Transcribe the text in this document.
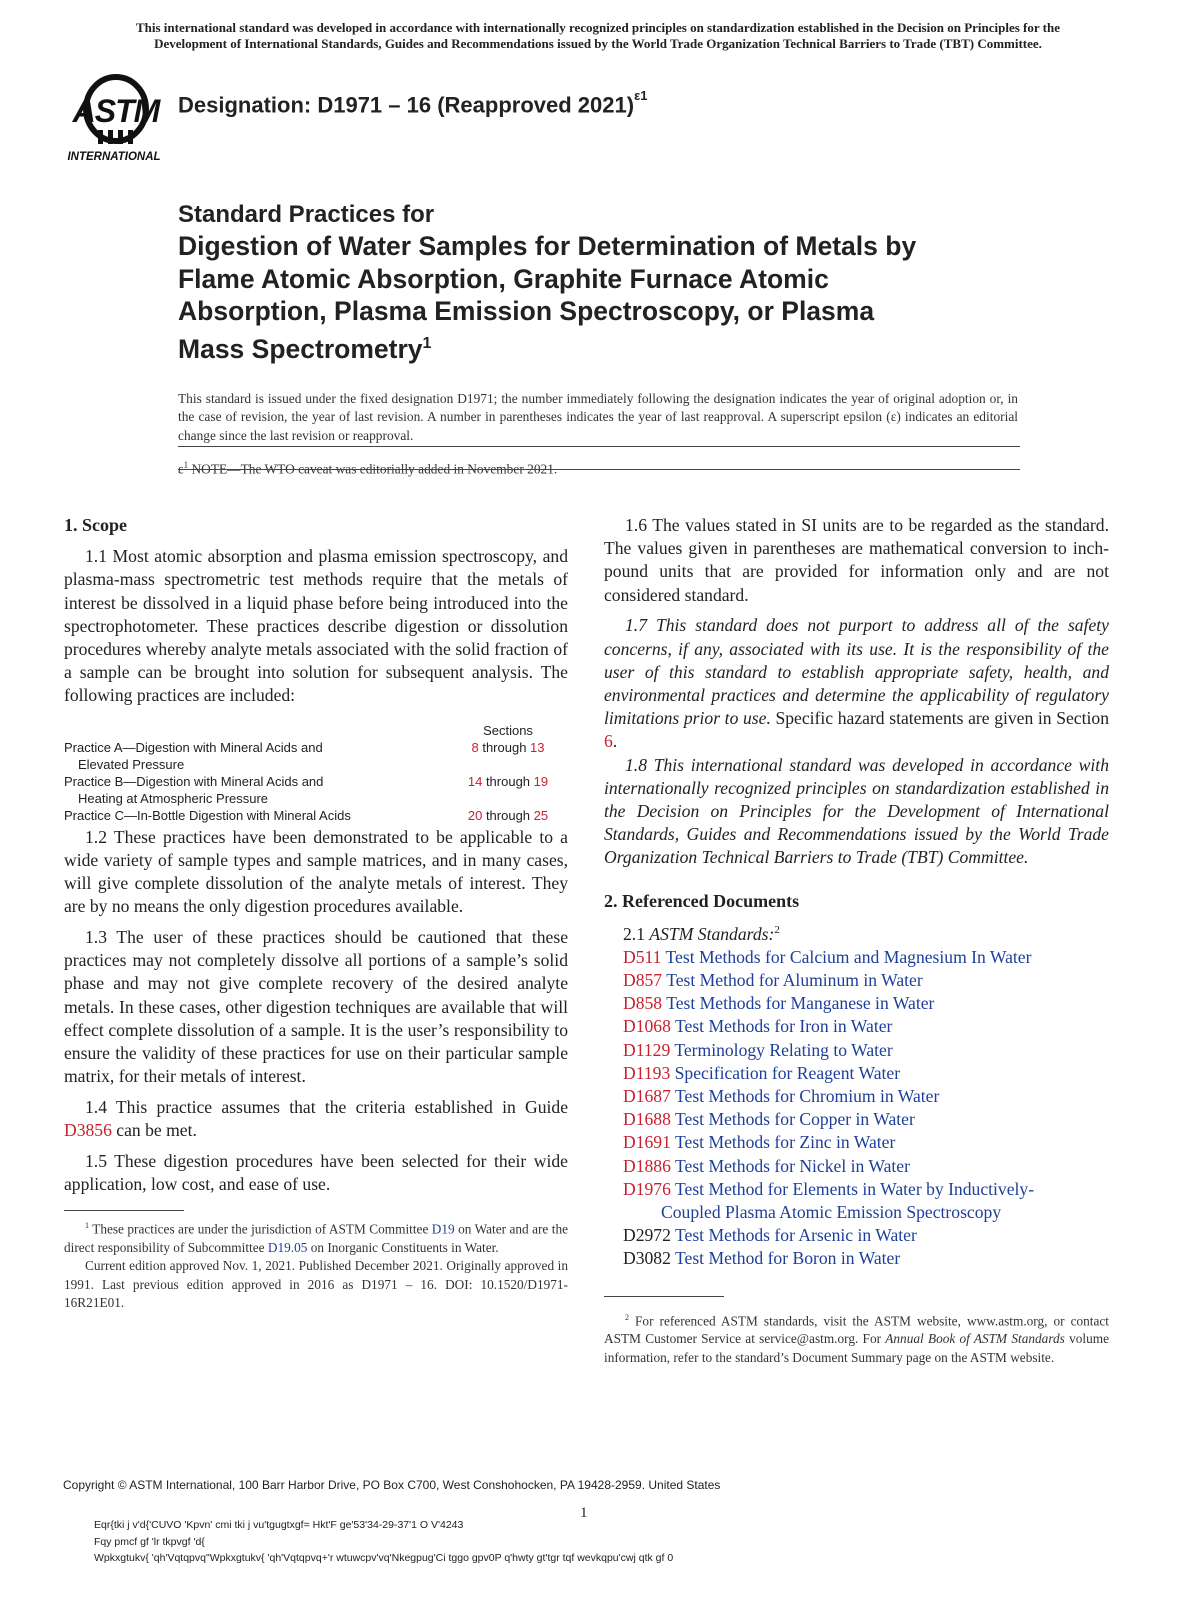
This international standard was developed in accordance with internationally recognized principles on standardization established in the Decision on Principles for the
Development of International Standards, Guides and Recommendations issued by the World Trade Organization Technical Barriers to Trade (TBT) Committee.
ASTM
INTERNATIONAL
Designation: D1971 – 16 (Reapproved 2021)$^{\varepsilon 1}$
Standard Practices for
Digestion of Water Samples for Determination of Metals by
Flame Atomic Absorption, Graphite Furnace Atomic
Absorption, Plasma Emission Spectroscopy, or Plasma
Mass Spectrometry$^1$
This standard is issued under the fixed designation D1971; the number immediately following the designation indicates the year of original adoption or, in the case of revision, the year of last revision. A number in parentheses indicates the year of last reapproval. A superscript epsilon (ε) indicates an editorial change since the last revision or reapproval.
$\varepsilon^1$ NOTE—The WTO caveat was editorially added in November 2021.
1. Scope

1.1 Most atomic absorption and plasma emission spectroscopy, and plasma-mass spectrometric test methods require that the metals of interest be dissolved in a liquid phase before being introduced into the spectrophotometer. These practices describe digestion or dissolution procedures whereby analyte metals associated with the solid fraction of a sample can be brought into solution for subsequent analysis. The following practices are included:

	Sections

Practice A—Digestion with Mineral Acids and
Elevated Pressure	8 through 13

Practice B—Digestion with Mineral Acids and
Heating at Atmospheric Pressure	14 through 19

Practice C—In-Bottle Digestion with Mineral Acids	20 through 25

1.2 These practices have been demonstrated to be applicable to a wide variety of sample types and sample matrices, and in many cases, will give complete dissolution of the analyte metals of interest. They are by no means the only digestion procedures available.

1.3 The user of these practices should be cautioned that these practices may not completely dissolve all portions of a sample’s solid phase and may not give complete recovery of the desired analyte metals. In these cases, other digestion techniques are available that will effect complete dissolution of a sample. It is the user’s responsibility to ensure the validity of these practices for use on their particular sample matrix, for their metals of interest.

1.4 This practice assumes that the criteria established in Guide D3856 can be met.

1.5 These digestion procedures have been selected for their wide application, low cost, and ease of use.

$^1$ These practices are under the jurisdiction of ASTM Committee D19 on Water and are the direct responsibility of Subcommittee D19.05 on Inorganic Constituents in Water.

Current edition approved Nov. 1, 2021. Published December 2021. Originally approved in 1991. Last previous edition approved in 2016 as D1971 – 16. DOI: 10.1520/D1971-16R21E01.

1.6 The values stated in SI units are to be regarded as the standard. The values given in parentheses are mathematical conversion to inch-pound units that are provided for information only and are not considered standard.

1.7 This standard does not purport to address all of the safety concerns, if any, associated with its use. It is the responsibility of the user of this standard to establish appropriate safety, health, and environmental practices and determine the applicability of regulatory limitations prior to use. Specific hazard statements are given in Section 6.

1.8 This international standard was developed in accordance with internationally recognized principles on standardization established in the Decision on Principles for the Development of International Standards, Guides and Recommendations issued by the World Trade Organization Technical Barriers to Trade (TBT) Committee.

2. Referenced Documents
2.1 ASTM Standards:$^2$
D511 Test Methods for Calcium and Magnesium In Water
D857 Test Method for Aluminum in Water
D858 Test Methods for Manganese in Water
D1068 Test Methods for Iron in Water
D1129 Terminology Relating to Water
D1193 Specification for Reagent Water
D1687 Test Methods for Chromium in Water
D1688 Test Methods for Copper in Water
D1691 Test Methods for Zinc in Water
D1886 Test Methods for Nickel in Water
D1976 Test Method for Elements in Water by Inductively-
Coupled Plasma Atomic Emission Spectroscopy
D2972 Test Methods for Arsenic in Water
D3082 Test Method for Boron in Water

$^2$ For referenced ASTM standards, visit the ASTM website, www.astm.org, or contact ASTM Customer Service at service@astm.org. For Annual Book of ASTM Standards volume information, refer to the standard’s Document Summary page on the ASTM website.

Copyright © ASTM International, 100 Barr Harbor Drive, PO Box C700, West Conshohocken, PA 19428-2959. United States
1
Eqr{tki j v'd{'CUVO 'Kpvn' cmi tki j vu'tgugtxgf= Hkt'F ge'53'34-29-37'1 O V'4243
Fqy pmcf gf 'lr tkpvgf 'd{
Wpkxgtukv{ 'qh'Vqtqpvq"Wpkxgtukv{ 'qh'Vqtqpvq+'r wtuwcpv'vq'Nkegpug'Ci tggo gpv0P q'hwty gt'tgr tqf wevkqpu'cwj qtk gf 0
